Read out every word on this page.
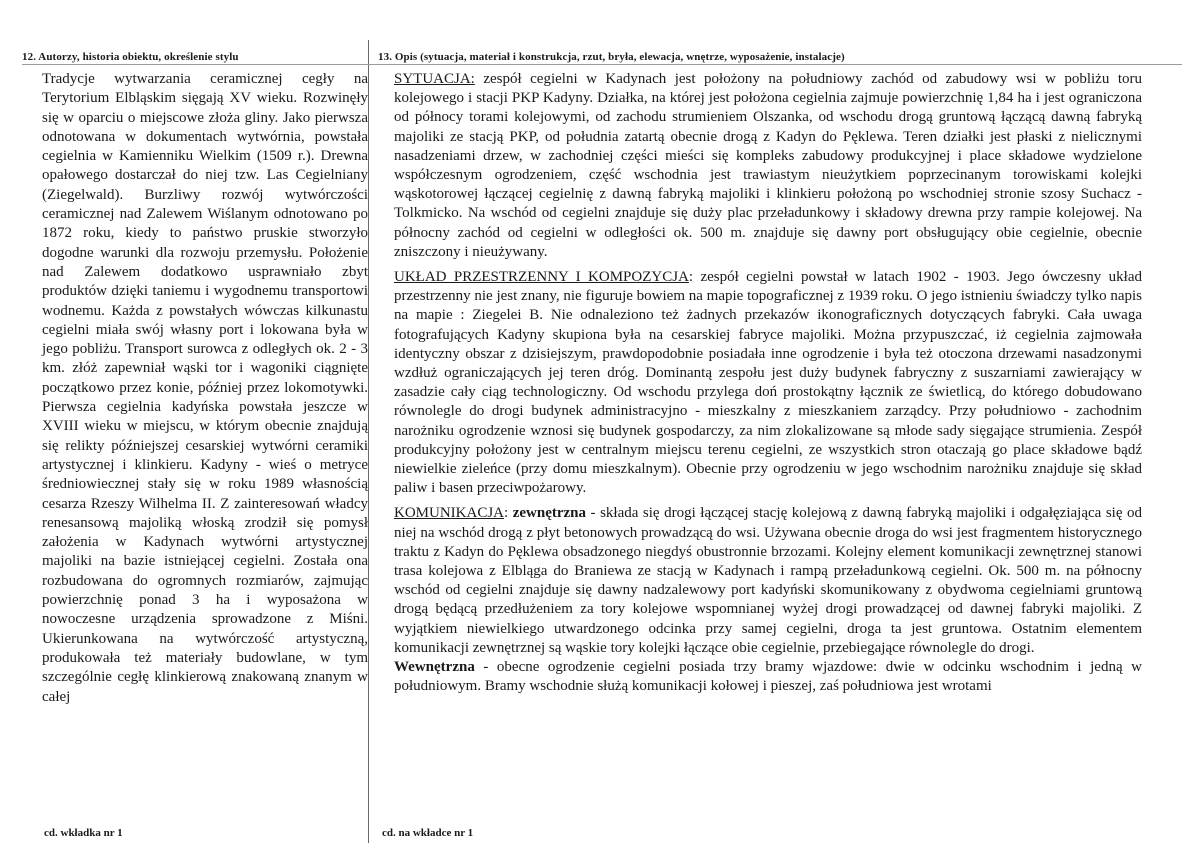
12. Autorzy, historia obiektu, określenie stylu
Tradycje wytwarzania ceramicznej cegły na Terytorium Elbląskim sięgają XV wieku. Rozwinęły się w oparciu o miejscowe złoża gliny. Jako pierwsza odnotowana w dokumentach wytwórnia, powstała cegielnia w Kamienniku Wielkim (1509 r.). Drewna opałowego dostarczał do niej tzw. Las Cegielniany (Ziegelwald). Burzliwy rozwój wytwórczości ceramicznej nad Zalewem Wiślanym odnotowano po 1872 roku, kiedy to państwo pruskie stworzyło dogodne warunki dla rozwoju przemysłu. Położenie nad Zalewem dodatkowo usprawniało zbyt produktów dzięki taniemu i wygodnemu transportowi wodnemu. Każda z powstałych wówczas kilkunastu cegielni miała swój własny port i lokowana była w jego pobliżu. Transport surowca z odległych ok. 2 - 3 km. złóż zapewniał wąski tor i wagoniki ciągnięte początkowo przez konie, później przez lokomotywki. Pierwsza cegielnia kadyńska powstała jeszcze w XVIII wieku w miejscu, w którym obecnie znajdują się relikty późniejszej cesarskiej wytwórni ceramiki artystycznej i klinkieru. Kadyny - wieś o metryce średniowiecznej stały się w roku 1989 własnością cesarza Rzeszy Wilhelma II. Z zainteresowań władcy renesansową majoliką włoską zrodził się pomysł założenia w Kadynach wytwórni artystycznej majoliki na bazie istniejącej cegielni. Została ona rozbudowana do ogromnych rozmiarów, zajmując powierzchnię ponad 3 ha i wyposażona w nowoczesne urządzenia sprowadzone z Miśni. Ukierunkowana na wytwórczość artystyczną, produkowała też materiały budowlane, w tym szczególnie cegłę klinkierową znakowaną znanym w całej
13. Opis (sytuacja, materiał i konstrukcja, rzut, bryła, elewacja, wnętrze, wyposażenie, instalacje)

SYTUACJA: zespół cegielni w Kadynach jest położony na południowy zachód od zabudowy wsi w pobliżu toru kolejowego i stacji PKP Kadyny. Działka, na której jest położona cegielnia zajmuje powierzchnię 1,84 ha i jest ograniczona od północy torami kolejowymi, od zachodu strumieniem Olszanka, od wschodu drogą gruntową łączącą dawną fabryką majoliki ze stacją PKP, od południa zatartą obecnie drogą z Kadyn do Pęklewa. Teren działki jest płaski z nielicznymi nasadzeniami drzew, w zachodniej części mieści się kompleks zabudowy produkcyjnej i place składowe wydzielone współczesnym ogrodzeniem, część wschodnia jest trawiastym nieużytkiem poprzecinanym torowiskami kolejki wąskotorowej łączącej cegielnię z dawną fabryką majoliki i klinkieru położoną po wschodniej stronie szosy Suchacz - Tolkmicko. Na wschód od cegielni znajduje się duży plac przeładunkowy i składowy drewna przy rampie kolejowej. Na północny zachód od cegielni w odległości ok. 500 m. znajduje się dawny port obsługujący obie cegielnie, obecnie zniszczony i nieużywany.

UKŁAD PRZESTRZENNY I KOMPOZYCJA: zespół cegielni powstał w latach 1902 - 1903. Jego ówczesny układ przestrzenny nie jest znany, nie figuruje bowiem na mapie topograficznej z 1939 roku. O jego istnieniu świadczy tylko napis na mapie : Ziegelei B. Nie odnaleziono też żadnych przekazów ikonograficznych dotyczących fabryki. Cała uwaga fotografujących Kadyny skupiona była na cesarskiej fabryce majoliki. Można przypuszczać, iż cegielnia zajmowała identyczny obszar z dzisiejszym, prawdopodobnie posiadała inne ogrodzenie i była też otoczona drzewami nasadzonymi wzdłuż ograniczających jej teren dróg. Dominantą zespołu jest duży budynek fabryczny z suszarniami zawierający w zasadzie cały ciąg technologiczny. Od wschodu przylega doń prostokątny łącznik ze świetlicą, do którego dobudowano równolegle do drogi budynek administracyjno - mieszkalny z mieszkaniem zarządcy. Przy południowo - zachodnim narożniku ogrodzenie wznosi się budynek gospodarczy, za nim zlokalizowane są młode sady sięgające strumienia. Zespół produkcyjny położony jest w centralnym miejscu terenu cegielni, ze wszystkich stron otaczają go place składowe bądź niewielkie zieleńce (przy domu mieszkalnym). Obecnie przy ogrodzeniu w jego wschodnim narożniku znajduje się skład paliw i basen przeciwpożarowy.

KOMUNIKACJA: zewnętrzna - składa się drogi łączącej stację kolejową z dawną fabryką majoliki i odgałęziająca się od niej na wschód drogą z płyt betonowych prowadzącą do wsi. Używana obecnie droga do wsi jest fragmentem historycznego traktu z Kadyn do Pęklewa obsadzonego niegdyś obustronnie brzozami. Kolejny element komunikacji zewnętrznej stanowi trasa kolejowa z Elbląga do Braniewa ze stacją w Kadynach i rampą przeładunkową cegielni. Ok. 500 m. na północny wschód od cegielni znajduje się dawny nadzalewowy port kadyński skomunikowany z obydwoma cegielniami gruntową drogą będącą przedłużeniem za tory kolejowe wspomnianej wyżej drogi prowadzącej od dawnej fabryki majoliki. Z wyjątkiem niewielkiego utwardzonego odcinka przy samej cegielni, droga ta jest gruntowa. Ostatnim elementem komunikacji zewnętrznej są wąskie tory kolejki łączące obie cegielnie, przebiegające równolegle do drogi.

Wewnętrzna - obecne ogrodzenie cegielni posiada trzy bramy wjazdowe: dwie w odcinku wschodnim i jedną w południowym. Bramy wschodnie służą komunikacji kołowej i pieszej, zaś południowa jest wrotami

cd. wkładka nr 1	cd. na wkładce nr 1
